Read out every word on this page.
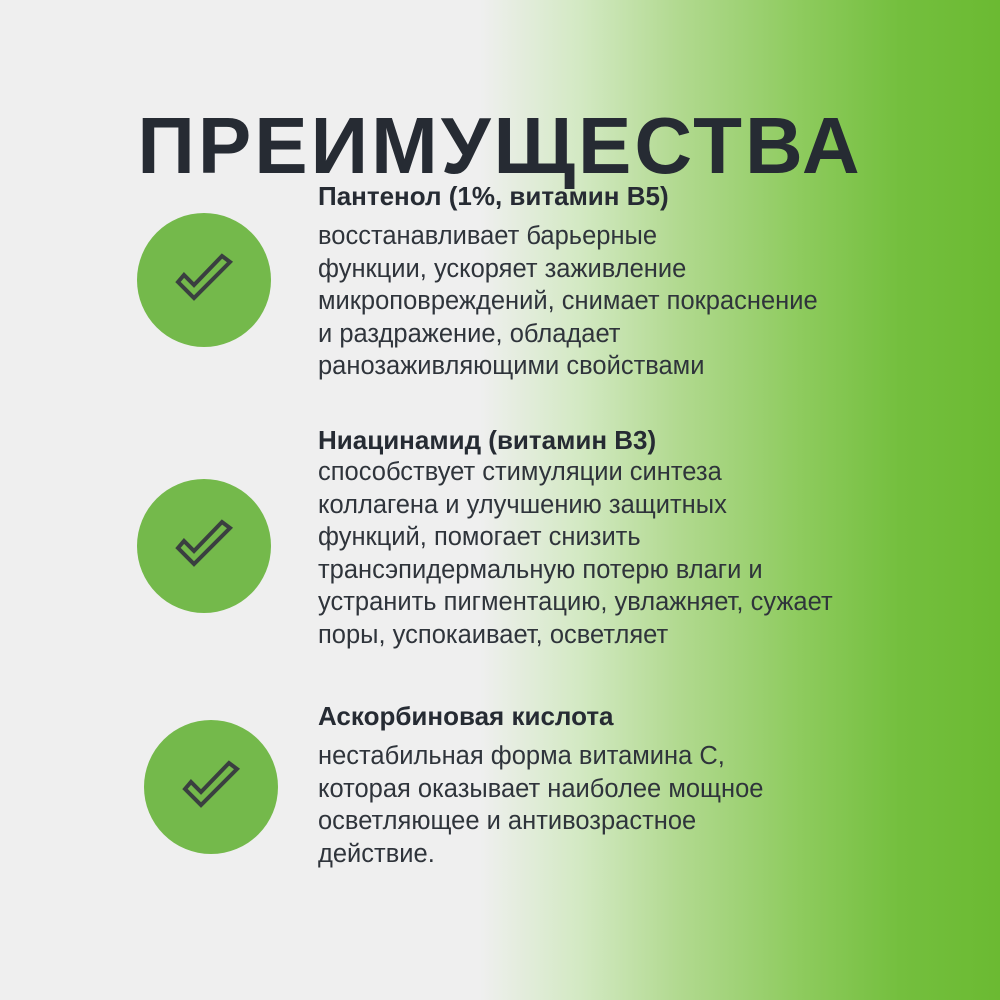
ПРЕИМУЩЕСТВА
Пантенол (1%, витамин В5)

восстанавливает барьерные
функции, ускоряет заживление
микроповреждений, снимает покраснение
и раздражение, обладает
ранозаживляющими свойствами

Ниацинамид (витамин В3)

способствует стимуляции синтеза
коллагена и улучшению защитных
функций, помогает снизить
трансэпидермальную потерю влаги и
устранить пигментацию, увлажняет, сужает
поры, успокаивает, осветляет

Аскорбиновая кислота

нестабильная форма витамина С,
которая оказывает наиболее мощное
осветляющее и антивозрастное
действие.
